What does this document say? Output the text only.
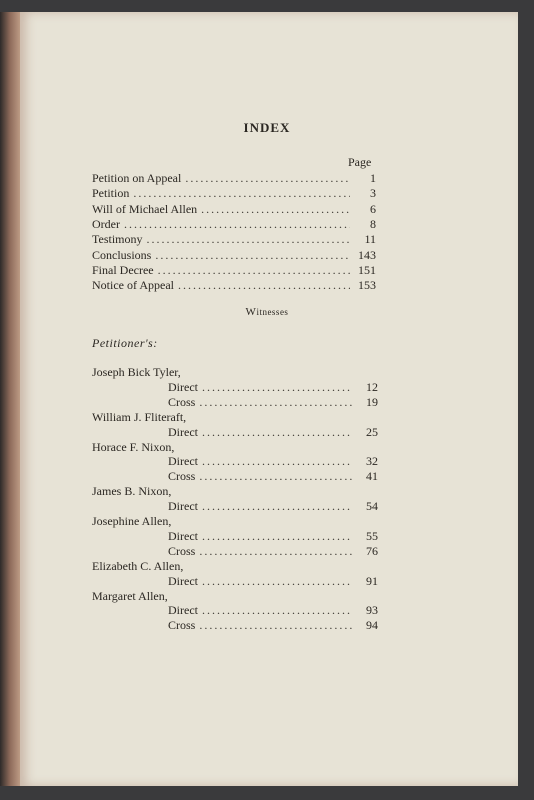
INDEX
Page
Petition on Appeal .....	1
Petition .....	3
Will of Michael Allen .....	6
Order .....	8
Testimony .....	11
Conclusions .....	143
Final Decree .....	151
Notice of Appeal .....	153
Witnesses
Petitioner's:
Joseph Bick Tyler,
Direct .....	12
Cross .....	19
William J. Fliteraft,
Direct .....	25
Horace F. Nixon,
Direct .....	32
Cross .....	41
James B. Nixon,
Direct .....	54
Josephine Allen,
Direct .....	55
Cross .....	76
Elizabeth C. Allen,
Direct .....	91
Margaret Allen,
Direct .....	93
Cross .....	94
